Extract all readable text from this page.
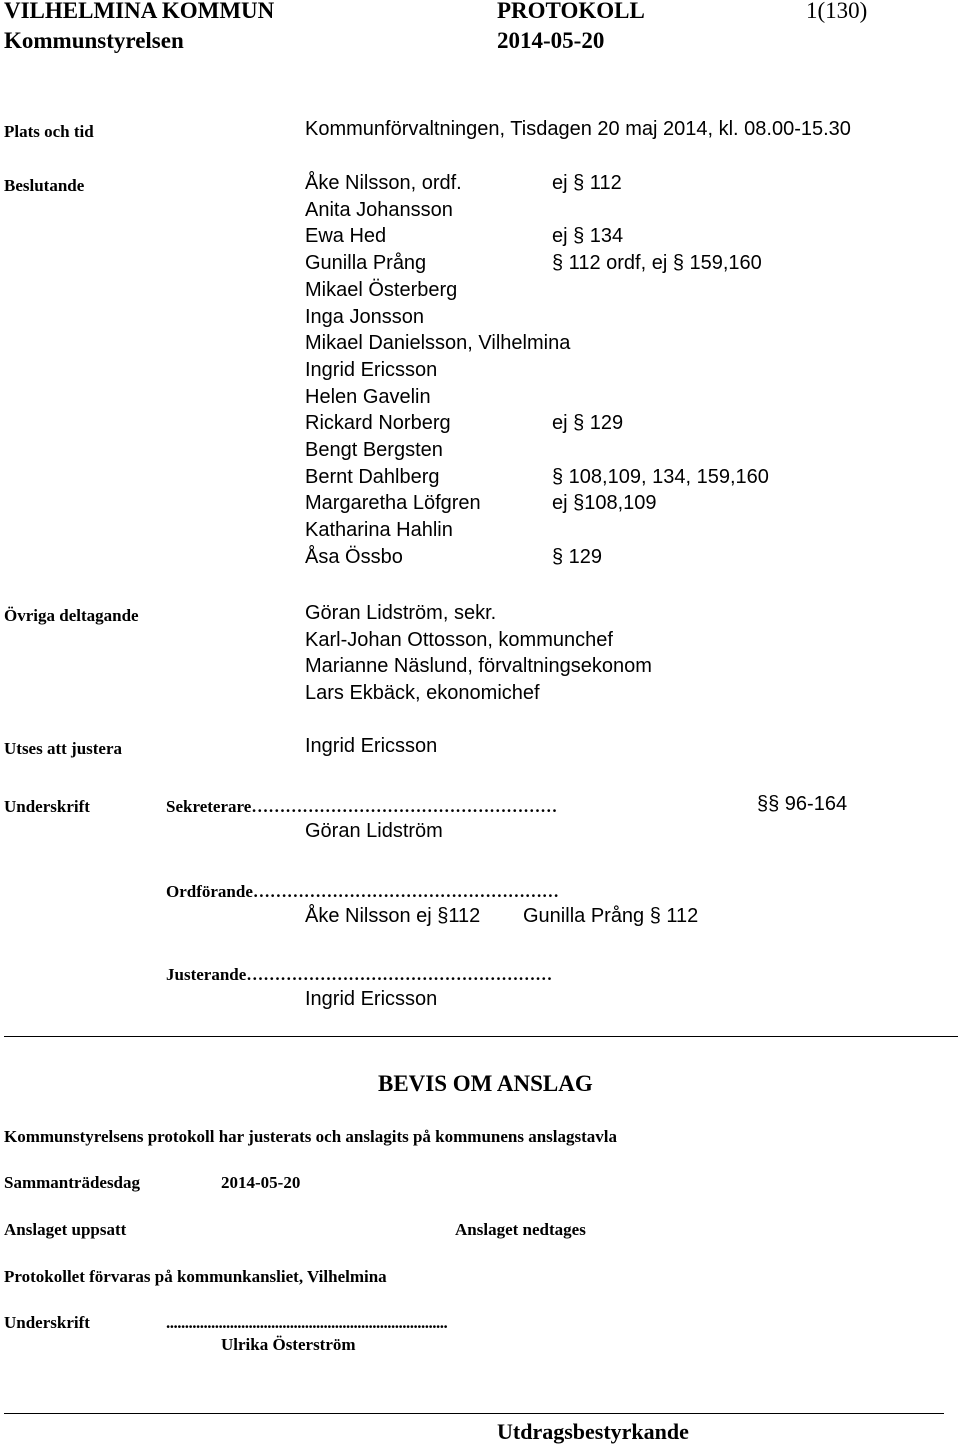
VILHELMINA KOMMUN	PROTOKOLL	1(130)
Kommunstyrelsen	2014-05-20
Plats och tid	Kommunförvaltningen, Tisdagen 20 maj 2014, kl. 08.00-15.30
Beslutande	Åke Nilsson, ordf.	ej § 112
Anita Johansson
Ewa Hed	ej § 134
Gunilla Prång	§ 112 ordf, ej § 159,160
Mikael Österberg
Inga Jonsson
Mikael Danielsson, Vilhelmina
Ingrid Ericsson
Helen Gavelin
Rickard Norberg	ej § 129
Bengt Bergsten
Bernt Dahlberg	§ 108,109, 134, 159,160
Margaretha Löfgren	ej §108,109
Katharina Hahlin
Åsa Össbo	§ 129
Övriga deltagande	Göran Lidström, sekr.
Karl-Johan Ottosson, kommunchef
Marianne Näslund, förvaltningsekonom
Lars Ekbäck, ekonomichef
Utses att justera	Ingrid Ericsson
Underskrift	Sekreterare………………………………………………	§§ 96-164
Göran Lidström
Ordförande………………………………………………
Åke Nilsson ej §112 Gunilla Prång § 112
Justerande………………………………………………
Ingrid Ericsson
BEVIS OM ANSLAG
Kommunstyrelsens protokoll har justerats och anslagits på kommunens anslagstavla
Sammanträdesdag	2014-05-20
Anslaget uppsatt	Anslaget nedtages
Protokollet förvaras på kommunkansliet, Vilhelmina
Underskrift	...........................................................................
Ulrika Österström
Utdragsbestyrkande
